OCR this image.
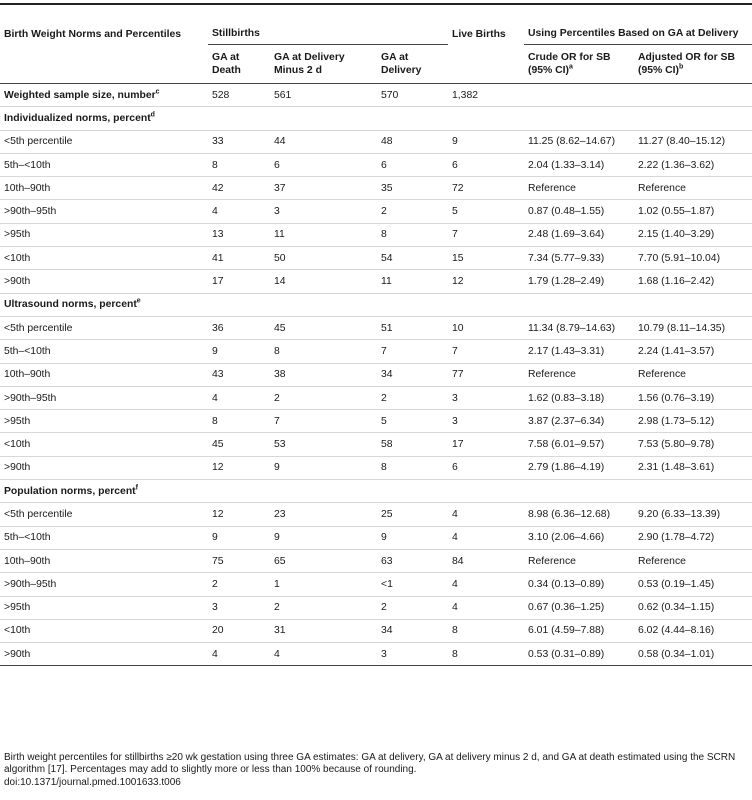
Birth Weight Norms and Percentiles	Stillbirths			Live Births	Using Percentiles Based on GA at Delivery	
	GA at Death	GA at Delivery Minus 2 d	GA at Delivery		Crude OR for SB (95% CI)$^a$	Adjusted OR for SB (95% CI)$^b$
Weighted sample size, number$^c$	528	561	570	1,382		
Individualized norms, percent$^d$
<5th percentile	33	44	48	9	11.25 (8.62–14.67)	11.27 (8.40–15.12)
5th–<10th	8	6	6	6	2.04 (1.33–3.14)	2.22 (1.36–3.62)
10th–90th	42	37	35	72	Reference	Reference
>90th–95th	4	3	2	5	0.87 (0.48–1.55)	1.02 (0.55–1.87)
>95th	13	11	8	7	2.48 (1.69–3.64)	2.15 (1.40–3.29)
<10th	41	50	54	15	7.34 (5.77–9.33)	7.70 (5.91–10.04)
>90th	17	14	11	12	1.79 (1.28–2.49)	1.68 (1.16–2.42)
Ultrasound norms, percent$^e$
<5th percentile	36	45	51	10	11.34 (8.79–14.63)	10.79 (8.11–14.35)
5th–<10th	9	8	7	7	2.17 (1.43–3.31)	2.24 (1.41–3.57)
10th–90th	43	38	34	77	Reference	Reference
>90th–95th	4	2	2	3	1.62 (0.83–3.18)	1.56 (0.76–3.19)
>95th	8	7	5	3	3.87 (2.37–6.34)	2.98 (1.73–5.12)
<10th	45	53	58	17	7.58 (6.01–9.57)	7.53 (5.80–9.78)
>90th	12	9	8	6	2.79 (1.86–4.19)	2.31 (1.48–3.61)
Population norms, percent$^f$
<5th percentile	12	23	25	4	8.98 (6.36–12.68)	9.20 (6.33–13.39)
5th–<10th	9	9	9	4	3.10 (2.06–4.66)	2.90 (1.78–4.72)
10th–90th	75	65	63	84	Reference	Reference
>90th–95th	2	1	<1	4	0.34 (0.13–0.89)	0.53 (0.19–1.45)
>95th	3	2	2	4	0.67 (0.36–1.25)	0.62 (0.34–1.15)
<10th	20	31	34	8	6.01 (4.59–7.88)	6.02 (4.44–8.16)
>90th	4	4	3	8	0.53 (0.31–0.89)	0.58 (0.34–1.01)

Birth weight percentiles for stillbirths ≥20 wk gestation using three GA estimates: GA at delivery, GA at delivery minus 2 d, and GA at death estimated using the SCRN algorithm [17]. Percentages may add to slightly more or less than 100% because of rounding.

doi:10.1371/journal.pmed.1001633.t006
